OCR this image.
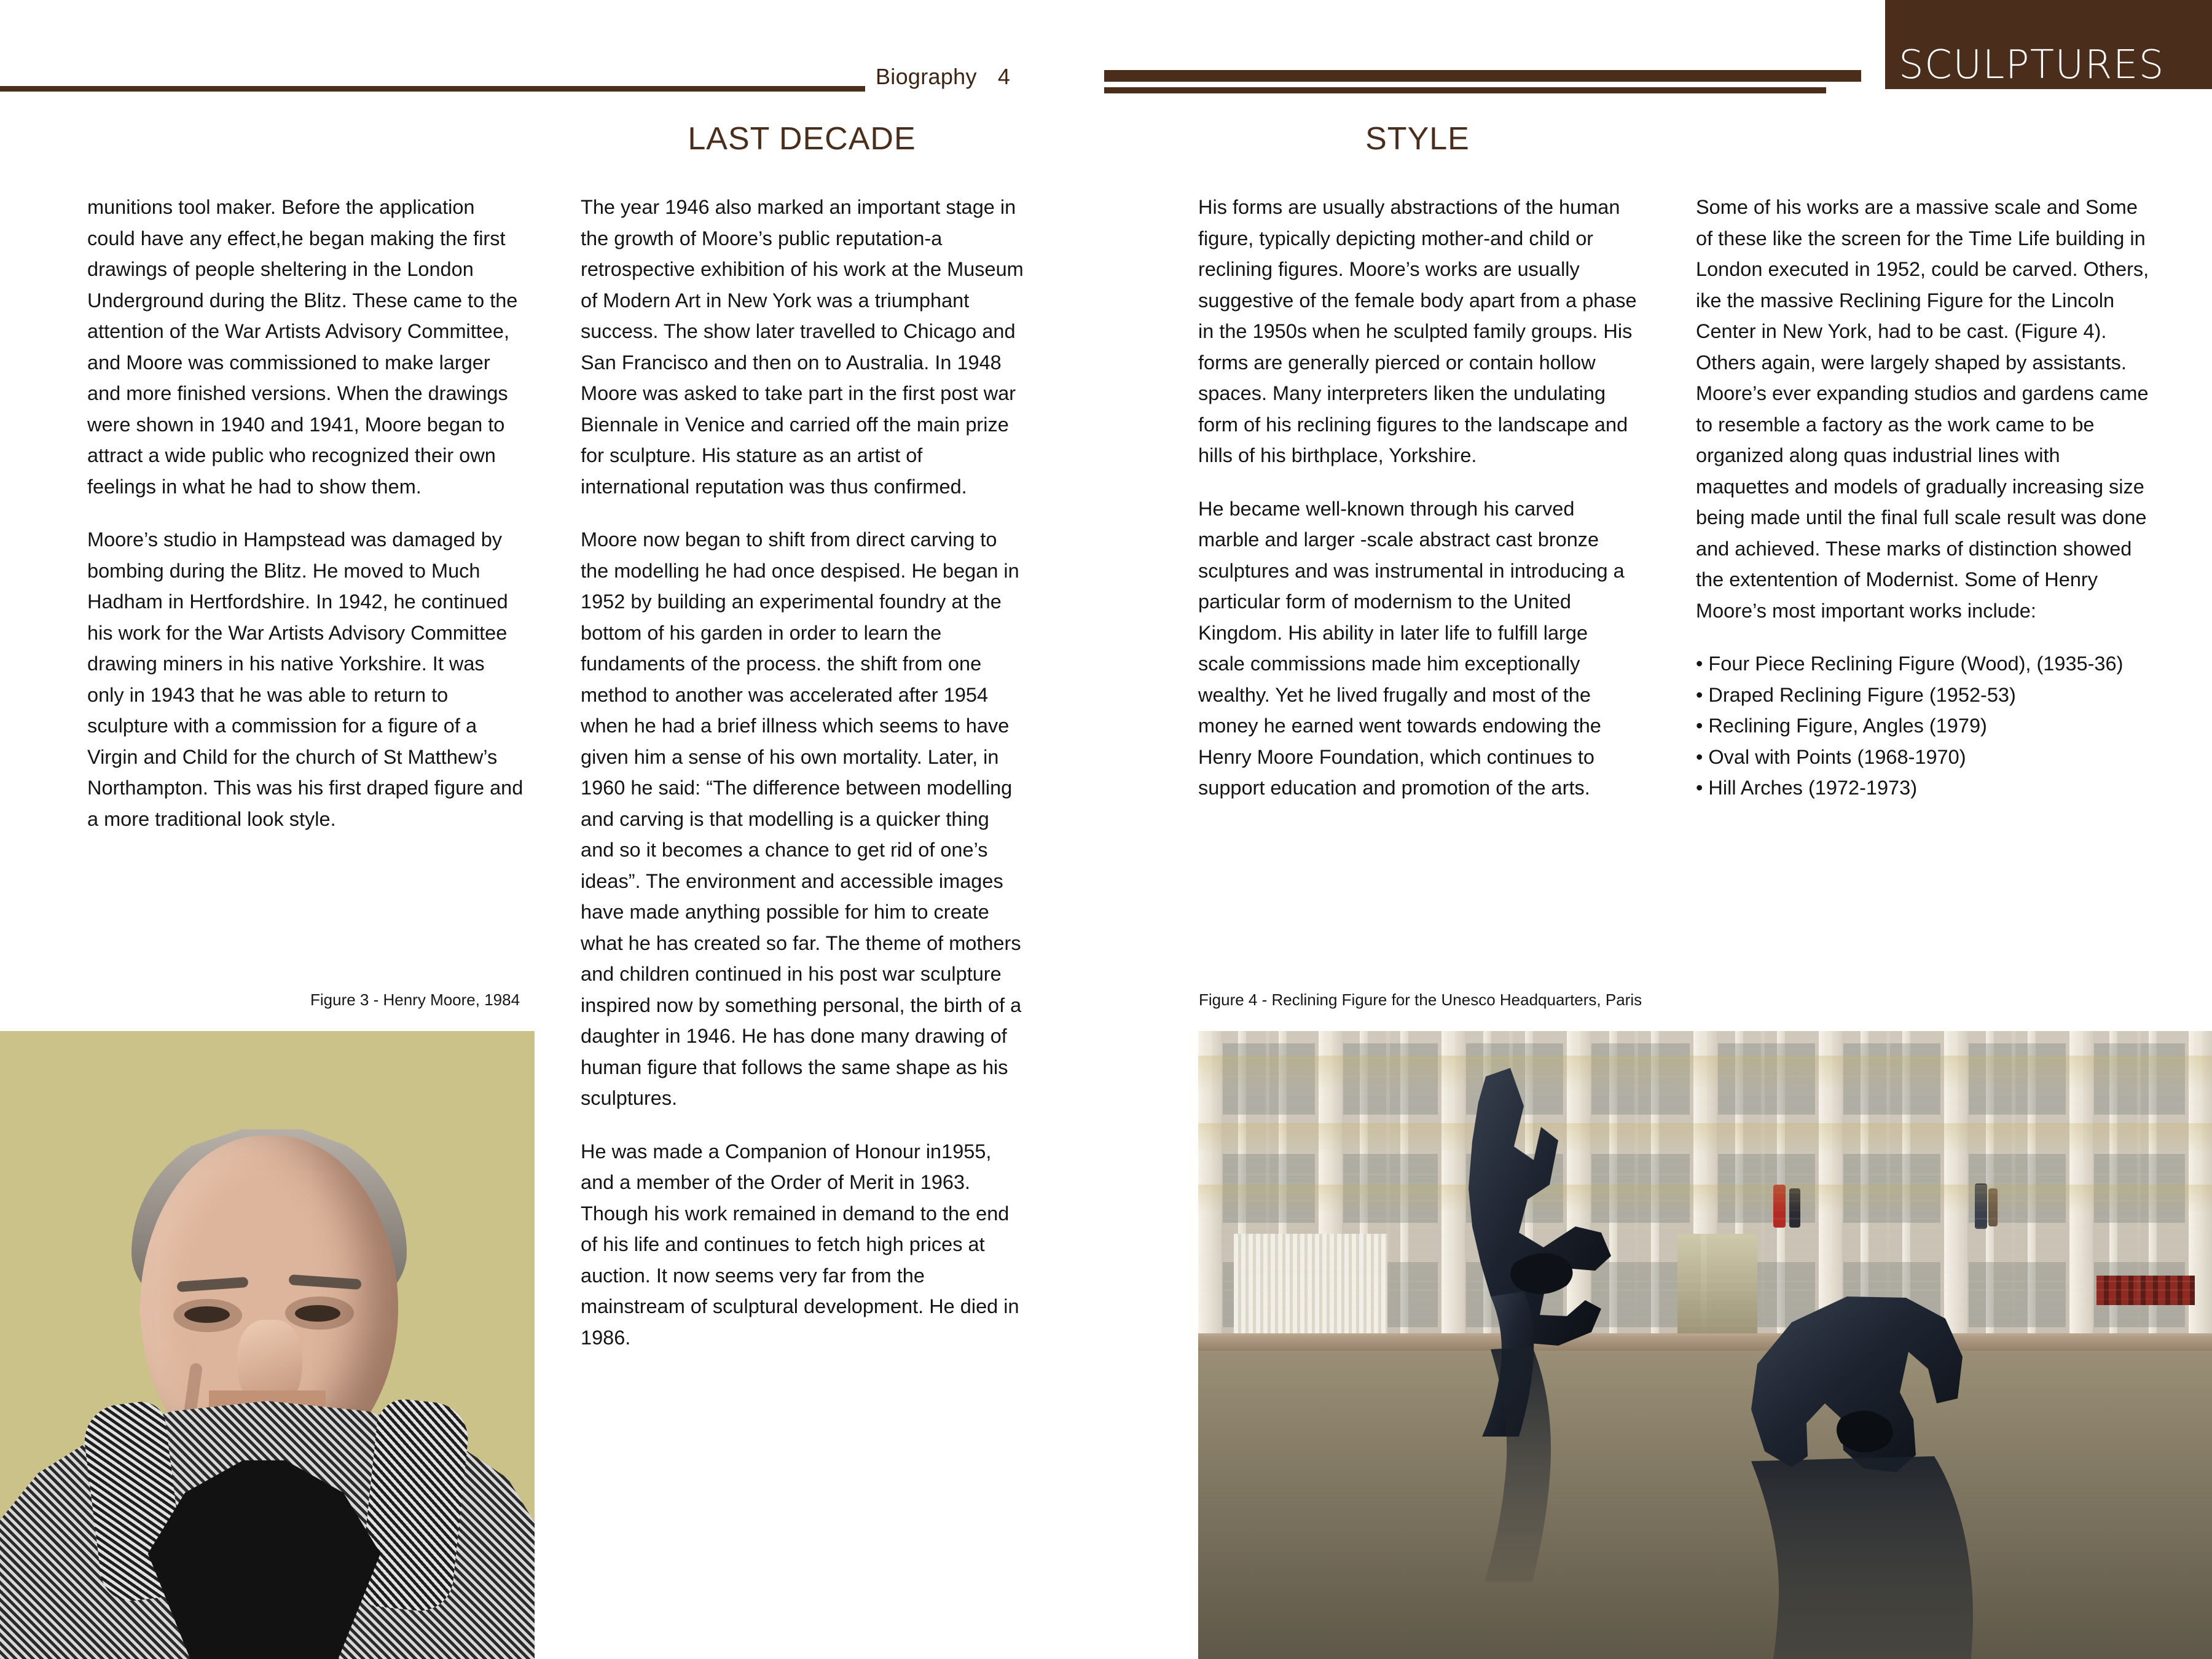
Biography 4	SCULPTURES
LAST DECADE	STYLE

munitions tool maker. Before the application could have any effect,he began making the first drawings of people sheltering in the London Underground during the Blitz. These came to the attention of the War Artists Advisory Committee, and Moore was commissioned to make larger and more finished versions. When the drawings were shown in 1940 and 1941, Moore began to attract a wide public who recognized their own feelings in what he had to show them.

Moore’s studio in Hampstead was damaged by bombing during the Blitz. He moved to Much Hadham in Hertfordshire. In 1942, he continued his work for the War Artists Advisory Committee drawing miners in his native Yorkshire. It was only in 1943 that he was able to return to sculpture with a commission for a figure of a Virgin and Child for the church of St Matthew’s Northampton. This was his first draped figure and a more traditional look style.

The year 1946 also marked an important stage in the growth of Moore’s public reputation-a retrospective exhibition of his work at the Museum of Modern Art in New York was a triumphant success. The show later travelled to Chicago and San Francisco and then on to Australia. In 1948 Moore was asked to take part in the first post war Biennale in Venice and carried off the main prize for sculpture. His stature as an artist of international reputation was thus confirmed.

Moore now began to shift from direct carving to the modelling he had once despised. He began in 1952 by building an experimental foundry at the bottom of his garden in order to learn the fundaments of the process. the shift from one method to another was accelerated after 1954 when he had a brief illness which seems to have given him a sense of his own mortality. Later, in 1960 he said: “The difference between modelling and carving is that modelling is a quicker thing and so it becomes a chance to get rid of one’s ideas”. The environment and accessible images have made anything possible for him to create what he has created so far. The theme of mothers and children continued in his post war sculpture inspired now by something personal, the birth of a daughter in 1946. He has done many drawing of human figure that follows the same shape as his sculptures.

He was made a Companion of Honour in1955, and a member of the Order of Merit in 1963. Though his work remained in demand to the end of his life and continues to fetch high prices at auction. It now seems very far from the mainstream of sculptural development. He died in 1986.

His forms are usually abstractions of the human figure, typically depicting mother-and child or reclining figures. Moore’s works are usually suggestive of the female body apart from a phase in the 1950s when he sculpted family groups. His forms are generally pierced or contain hollow spaces. Many interpreters liken the undulating form of his reclining figures to the landscape and hills of his birthplace, Yorkshire.

He became well-known through his carved marble and larger -scale abstract cast bronze sculptures and was instrumental in introducing a particular form of modernism to the United Kingdom. His ability in later life to fulfill large scale commissions made him exceptionally wealthy. Yet he lived frugally and most of the money he earned went towards endowing the Henry Moore Foundation, which continues to support education and promotion of the arts.

Some of his works are a massive scale and Some of these like the screen for the Time Life building in London executed in 1952, could be carved. Others, ike the massive Reclining Figure for the Lincoln Center in New York, had to be cast. (Figure 4). Others again, were largely shaped by assistants. Moore’s ever expanding studios and gardens came to resemble a factory as the work came to be organized along quas industrial lines with maquettes and models of gradually increasing size being made until the final full scale result was done and achieved. These marks of distinction showed the extentention of Modernist. Some of Henry Moore’s most important works include:

• Four Piece Reclining Figure (Wood), (1935-36)
• Draped Reclining Figure (1952-53)
• Reclining Figure, Angles (1979)
• Oval with Points (1968-1970)
• Hill Arches (1972-1973)
Figure 3 - Henry Moore, 1984	Figure 4 - Reclining Figure for the Unesco Headquarters, Paris
